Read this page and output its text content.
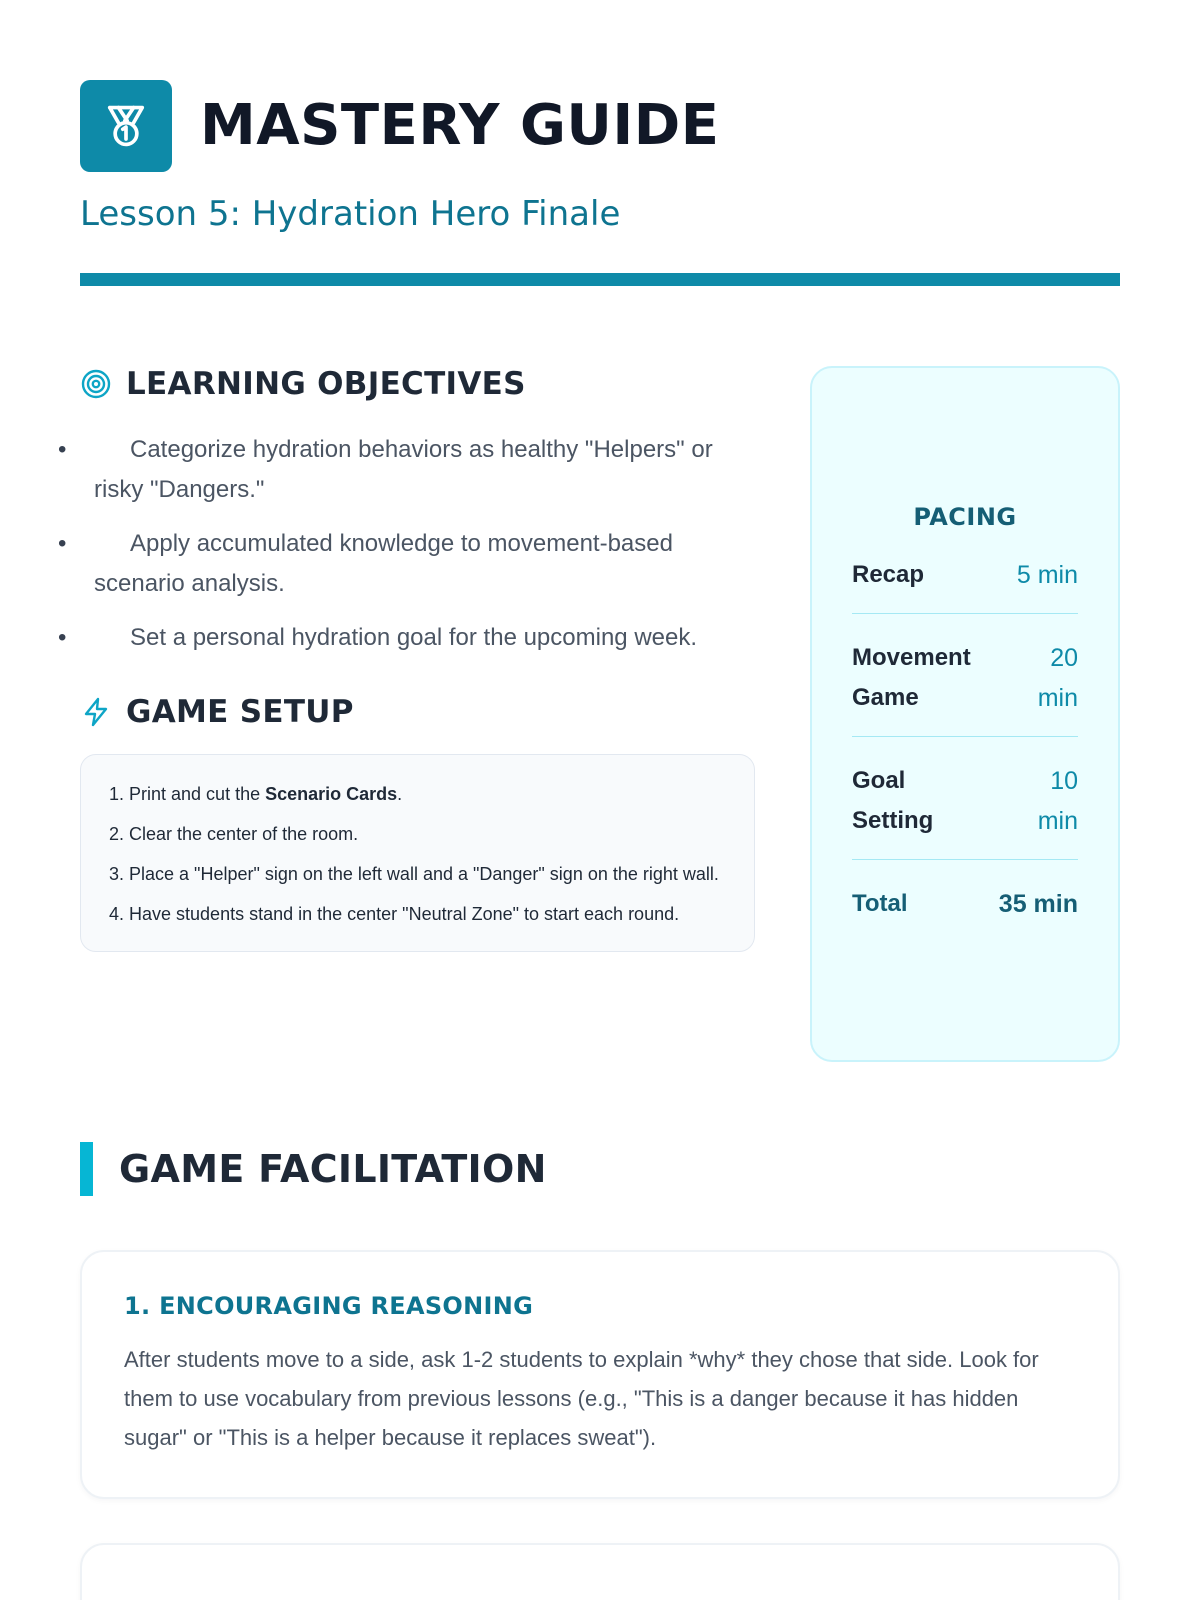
MASTERY GUIDE
Lesson 5: Hydration Hero Finale
LEARNING OBJECTIVES
• Categorize hydration behaviors as healthy "Helpers" or risky "Dangers."
• Apply accumulated knowledge to movement-based scenario analysis.
• Set a personal hydration goal for the upcoming week.
GAME SETUP
1. Print and cut the Scenario Cards.
2. Clear the center of the room.
3. Place a "Helper" sign on the left wall and a "Danger" sign on the right wall.
4. Have students stand in the center "Neutral Zone" to start each round.
PACING
Recap	5 min
Movement Game
20 min
Goal Setting
10 min
Total	35 min
GAME FACILITATION
1. ENCOURAGING REASONING

After students move to a side, ask 1-2 students to explain *why* they chose that side. Look for them to use vocabulary from previous lessons (e.g., "This is a danger because it has hidden sugar" or "This is a helper because it replaces sweat").
